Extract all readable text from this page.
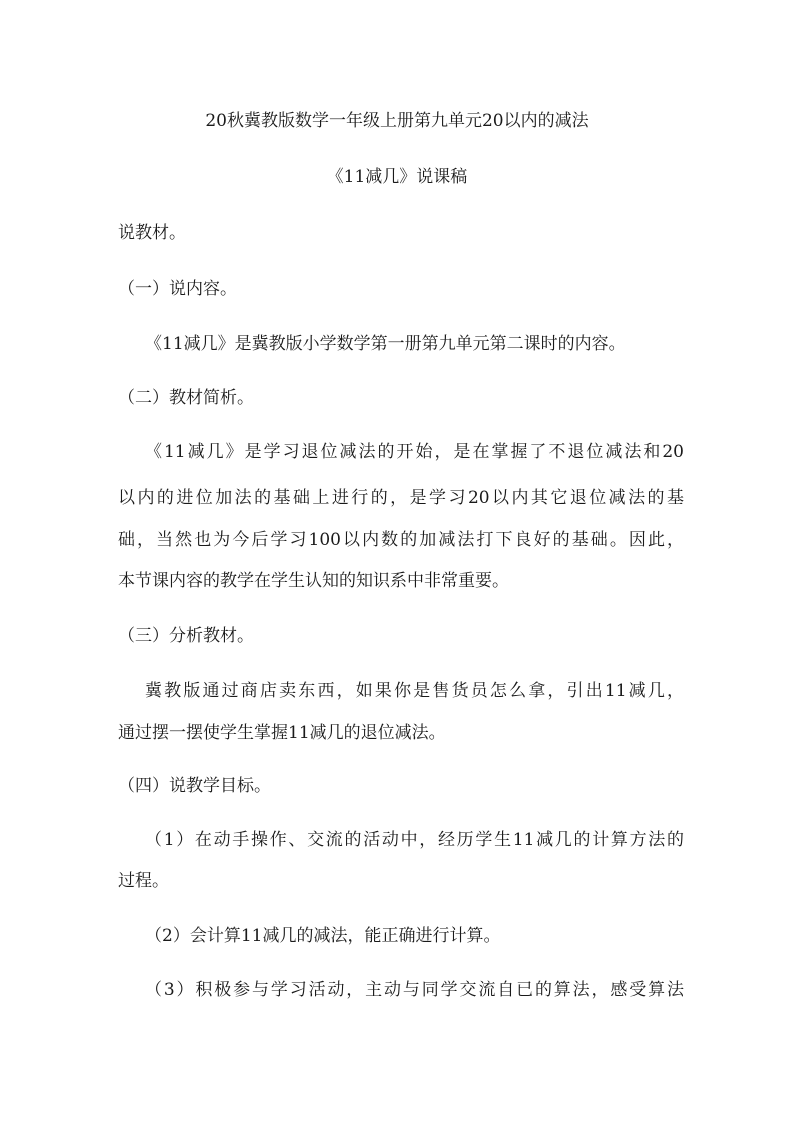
20秋冀教版数学一年级上册第九单元20以内的减法
《11减几》说课稿
说教材。
（一）说内容。
《11减几》是冀教版小学数学第一册第九单元第二课时的内容。
（二）教材简析。
《11减几》是学习退位减法的开始，是在掌握了不退位减法和20
以内的进位加法的基础上进行的，是学习20以内其它退位减法的基
础，当然也为今后学习100以内数的加减法打下良好的基础。因此，
本节课内容的教学在学生认知的知识系中非常重要。
（三）分析教材。
冀教版通过商店卖东西，如果你是售货员怎么拿，引出11减几，
通过摆一摆使学生掌握11减几的退位减法。
（四）说教学目标。
（1）在动手操作、交流的活动中，经历学生11减几的计算方法的
过程。
（2）会计算11减几的减法，能正确进行计算。
（3）积极参与学习活动，主动与同学交流自已的算法，感受算法
